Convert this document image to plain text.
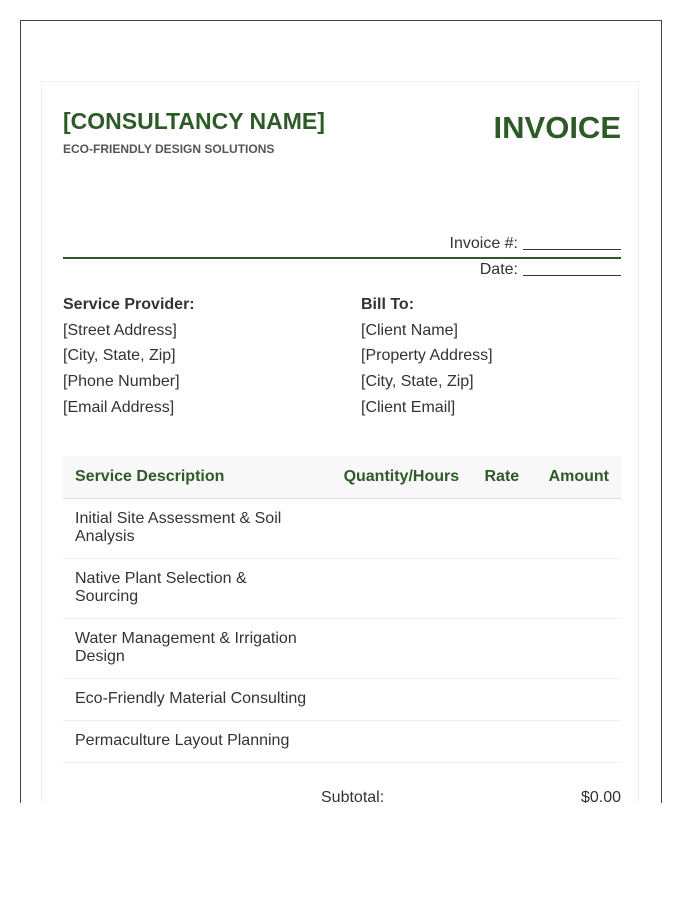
[CONSULTANCY NAME]
ECO-FRIENDLY DESIGN SOLUTIONS
INVOICE
Invoice #:
Date:
Service Provider:
[Street Address]
[City, State, Zip]
[Phone Number]
[Email Address]
Bill To:
[Client Name]
[Property Address]
[City, State, Zip]
[Client Email]
Service Description	Quantity/Hours	Rate	Amount
Initial Site Assessment & Soil Analysis			
Native Plant Selection & Sourcing			
Water Management & Irrigation Design			
Eco-Friendly Material Consulting			
Permaculture Layout Planning			
Subtotal:	$0.00
